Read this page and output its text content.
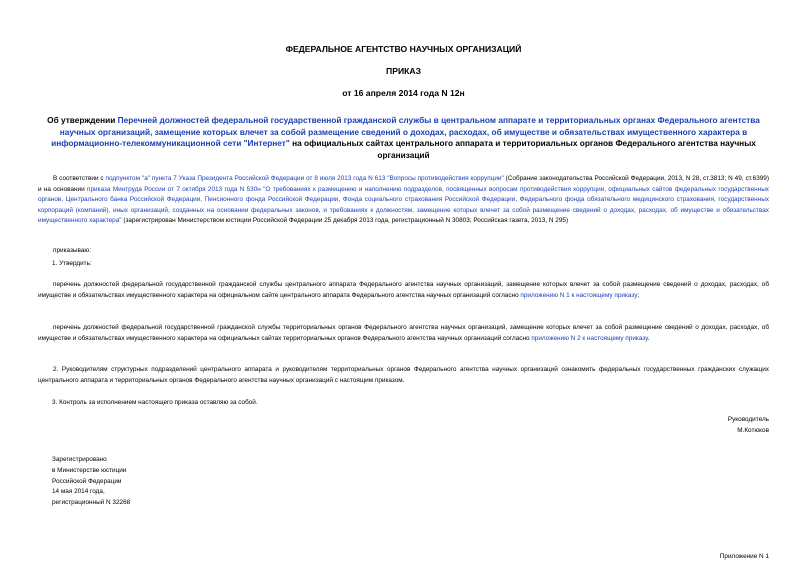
ФЕДЕРАЛЬНОЕ АГЕНТСТВО НАУЧНЫХ ОРГАНИЗАЦИЙ
ПРИКАЗ
от 16 апреля 2014 года N 12н
Об утверждении Перечней должностей федеральной государственной гражданской службы в центральном аппарате и территориальных органах Федерального агентства научных организаций, замещение которых влечет за собой размещение сведений о доходах, расходах, об имуществе и обязательствах имущественного характера в информационно-телекоммуникационной сети "Интернет" на официальных сайтах центрального аппарата и территориальных органов Федерального агентства научных организаций
В соответствии с подпунктом "а" пункта 7 Указа Президента Российской Федерации от 8 июля 2013 года N 613 "Вопросы противодействия коррупции" (Собрание законодательства Российской Федерации, 2013, N 28, ст.3813; N 49, ст.6399) и на основании приказа Минтруда России от 7 октября 2013 года N 530н "О требованиях к размещению и наполнению подразделов, посвященных вопросам противодействия коррупции, официальных сайтов федеральных государственных органов, Центрального банка Российской Федерации, Пенсионного фонда Российской Федерации, Фонда социального страхования Российской Федерации, Федерального фонда обязательного медицинского страхования, государственных корпораций (компаний), иных организаций, созданных на основании федеральных законов, и требованиях к должностям, замещение которых влечет за собой размещение сведений о доходах, расходах, об имуществе и обязательствах имущественного характера" (зарегистрирован Министерством юстиции Российской Федерации 25 декабря 2013 года, регистрационный N 30803; Российская газета, 2013, N 295)
приказываю:
1. Утвердить:
перечень должностей федеральной государственной гражданской службы центрального аппарата Федерального агентства научных организаций, замещение которых влечет за собой размещение сведений о доходах, расходах, об имуществе и обязательствах имущественного характера на официальном сайте центрального аппарата Федерального агентства научных организаций согласно приложению N 1 к настоящему приказу;
перечень должностей федеральной государственной гражданской службы территориальных органов Федерального агентства научных организаций, замещение которых влечет за собой размещение сведений о доходах, расходах, об имуществе и обязательствах имущественного характера на официальных сайтах территориальных органов Федерального агентства научных организаций согласно приложению N 2 к настоящему приказу.
2. Руководителям структурных подразделений центрального аппарата и руководителям территориальных органов Федерального агентства научных организаций ознакомить федеральных государственных гражданских служащих центрального аппарата и территориальных органов Федерального агентства научных организаций с настоящим приказом.
3. Контроль за исполнением настоящего приказа оставляю за собой.
Руководитель
М.Котюков
Зарегистрировано
в Министерстве юстиции
Российской Федерации
14 мая 2014 года,
регистрационный N 32268
Приложение N 1
